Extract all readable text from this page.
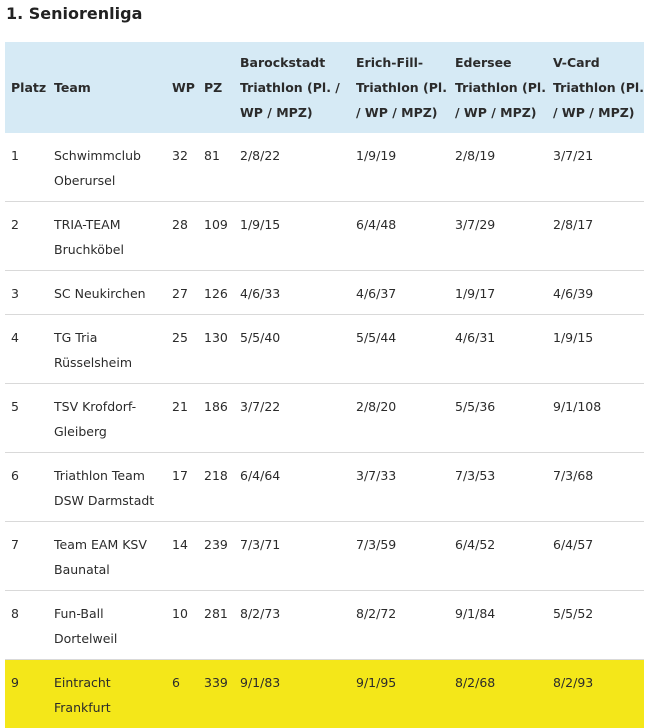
1. Seniorenliga
Platz	Team	WP	PZ	Barockstadt Triathlon (Pl. / WP / MPZ)	Erich-Fill-Triathlon (Pl. / WP / MPZ)	Edersee Triathlon (Pl. / WP / MPZ)	V-Card Triathlon (Pl. / WP / MPZ)
1	Schwimmclub Oberursel	32	81	2/8/22	1/9/19	2/8/19	3/7/21
2	TRIA-TEAM Bruchköbel	28	109	1/9/15	6/4/48	3/7/29	2/8/17
3	SC Neukirchen	27	126	4/6/33	4/6/37	1/9/17	4/6/39
4	TG Tria Rüsselsheim	25	130	5/5/40	5/5/44	4/6/31	1/9/15
5	TSV Krofdorf-Gleiberg	21	186	3/7/22	2/8/20	5/5/36	9/1/108
6	Triathlon Team DSW Darmstadt	17	218	6/4/64	3/7/33	7/3/53	7/3/68
7	Team EAM KSV Baunatal	14	239	7/3/71	7/3/59	6/4/52	6/4/57
8	Fun-Ball Dortelweil	10	281	8/2/73	8/2/72	9/1/84	5/5/52
9	Eintracht Frankfurt	6	339	9/1/83	9/1/95	8/2/68	8/2/93
